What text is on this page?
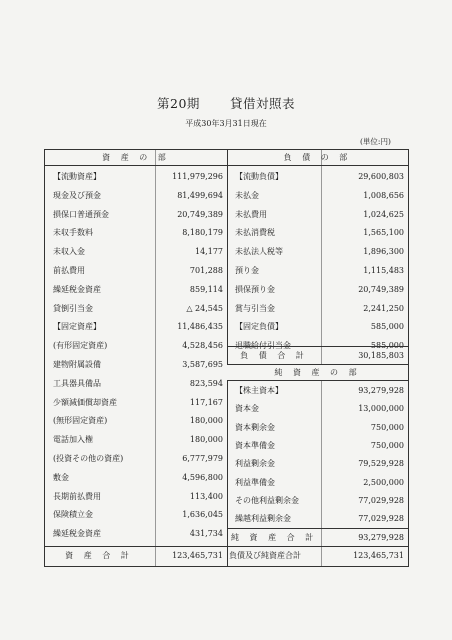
第20期 貸借対照表
平成30年3月31日現在
(単位:円)
資 産 の 部
【流動資産】	111,979,296
現金及び預金	81,499,694
損保口普通預金	20,749,389
未収手数料	8,180,179
未収入金	14,177
前払費用	701,288
繰延税金資産	859,114
貸倒引当金	△ 24,545
【固定資産】	11,486,435
(有形固定資産)	4,528,456
建物附属設備	3,587,695
工具器具備品	823,594
少額減価償却資産	117,167
(無形固定資産)	180,000
電話加入権	180,000
(投資その他の資産)	6,777,979
敷金	4,596,800
長期前払費用	113,400
保険積立金	1,636,045
繰延税金資産	431,734
資 産 合 計	123,465,731
負 債 の 部
【流動負債】	29,600,803
未払金	1,008,656
未払費用	1,024,625
未払消費税	1,565,100
未払法人税等	1,896,300
預り金	1,115,483
損保預り金	20,749,389
賞与引当金	2,241,250
【固定負債】	585,000
退職給付引当金	585,000
負 債 合 計	30,185,803
純 資 産 の 部
【株主資本】	93,279,928
資本金	13,000,000
資本剰余金	750,000
資本準備金	750,000
利益剰余金	79,529,928
利益準備金	2,500,000
その他利益剰余金	77,029,928
繰越利益剰余金	77,029,928
純 資 産 合 計	93,279,928
負債及び純資産合計	123,465,731
